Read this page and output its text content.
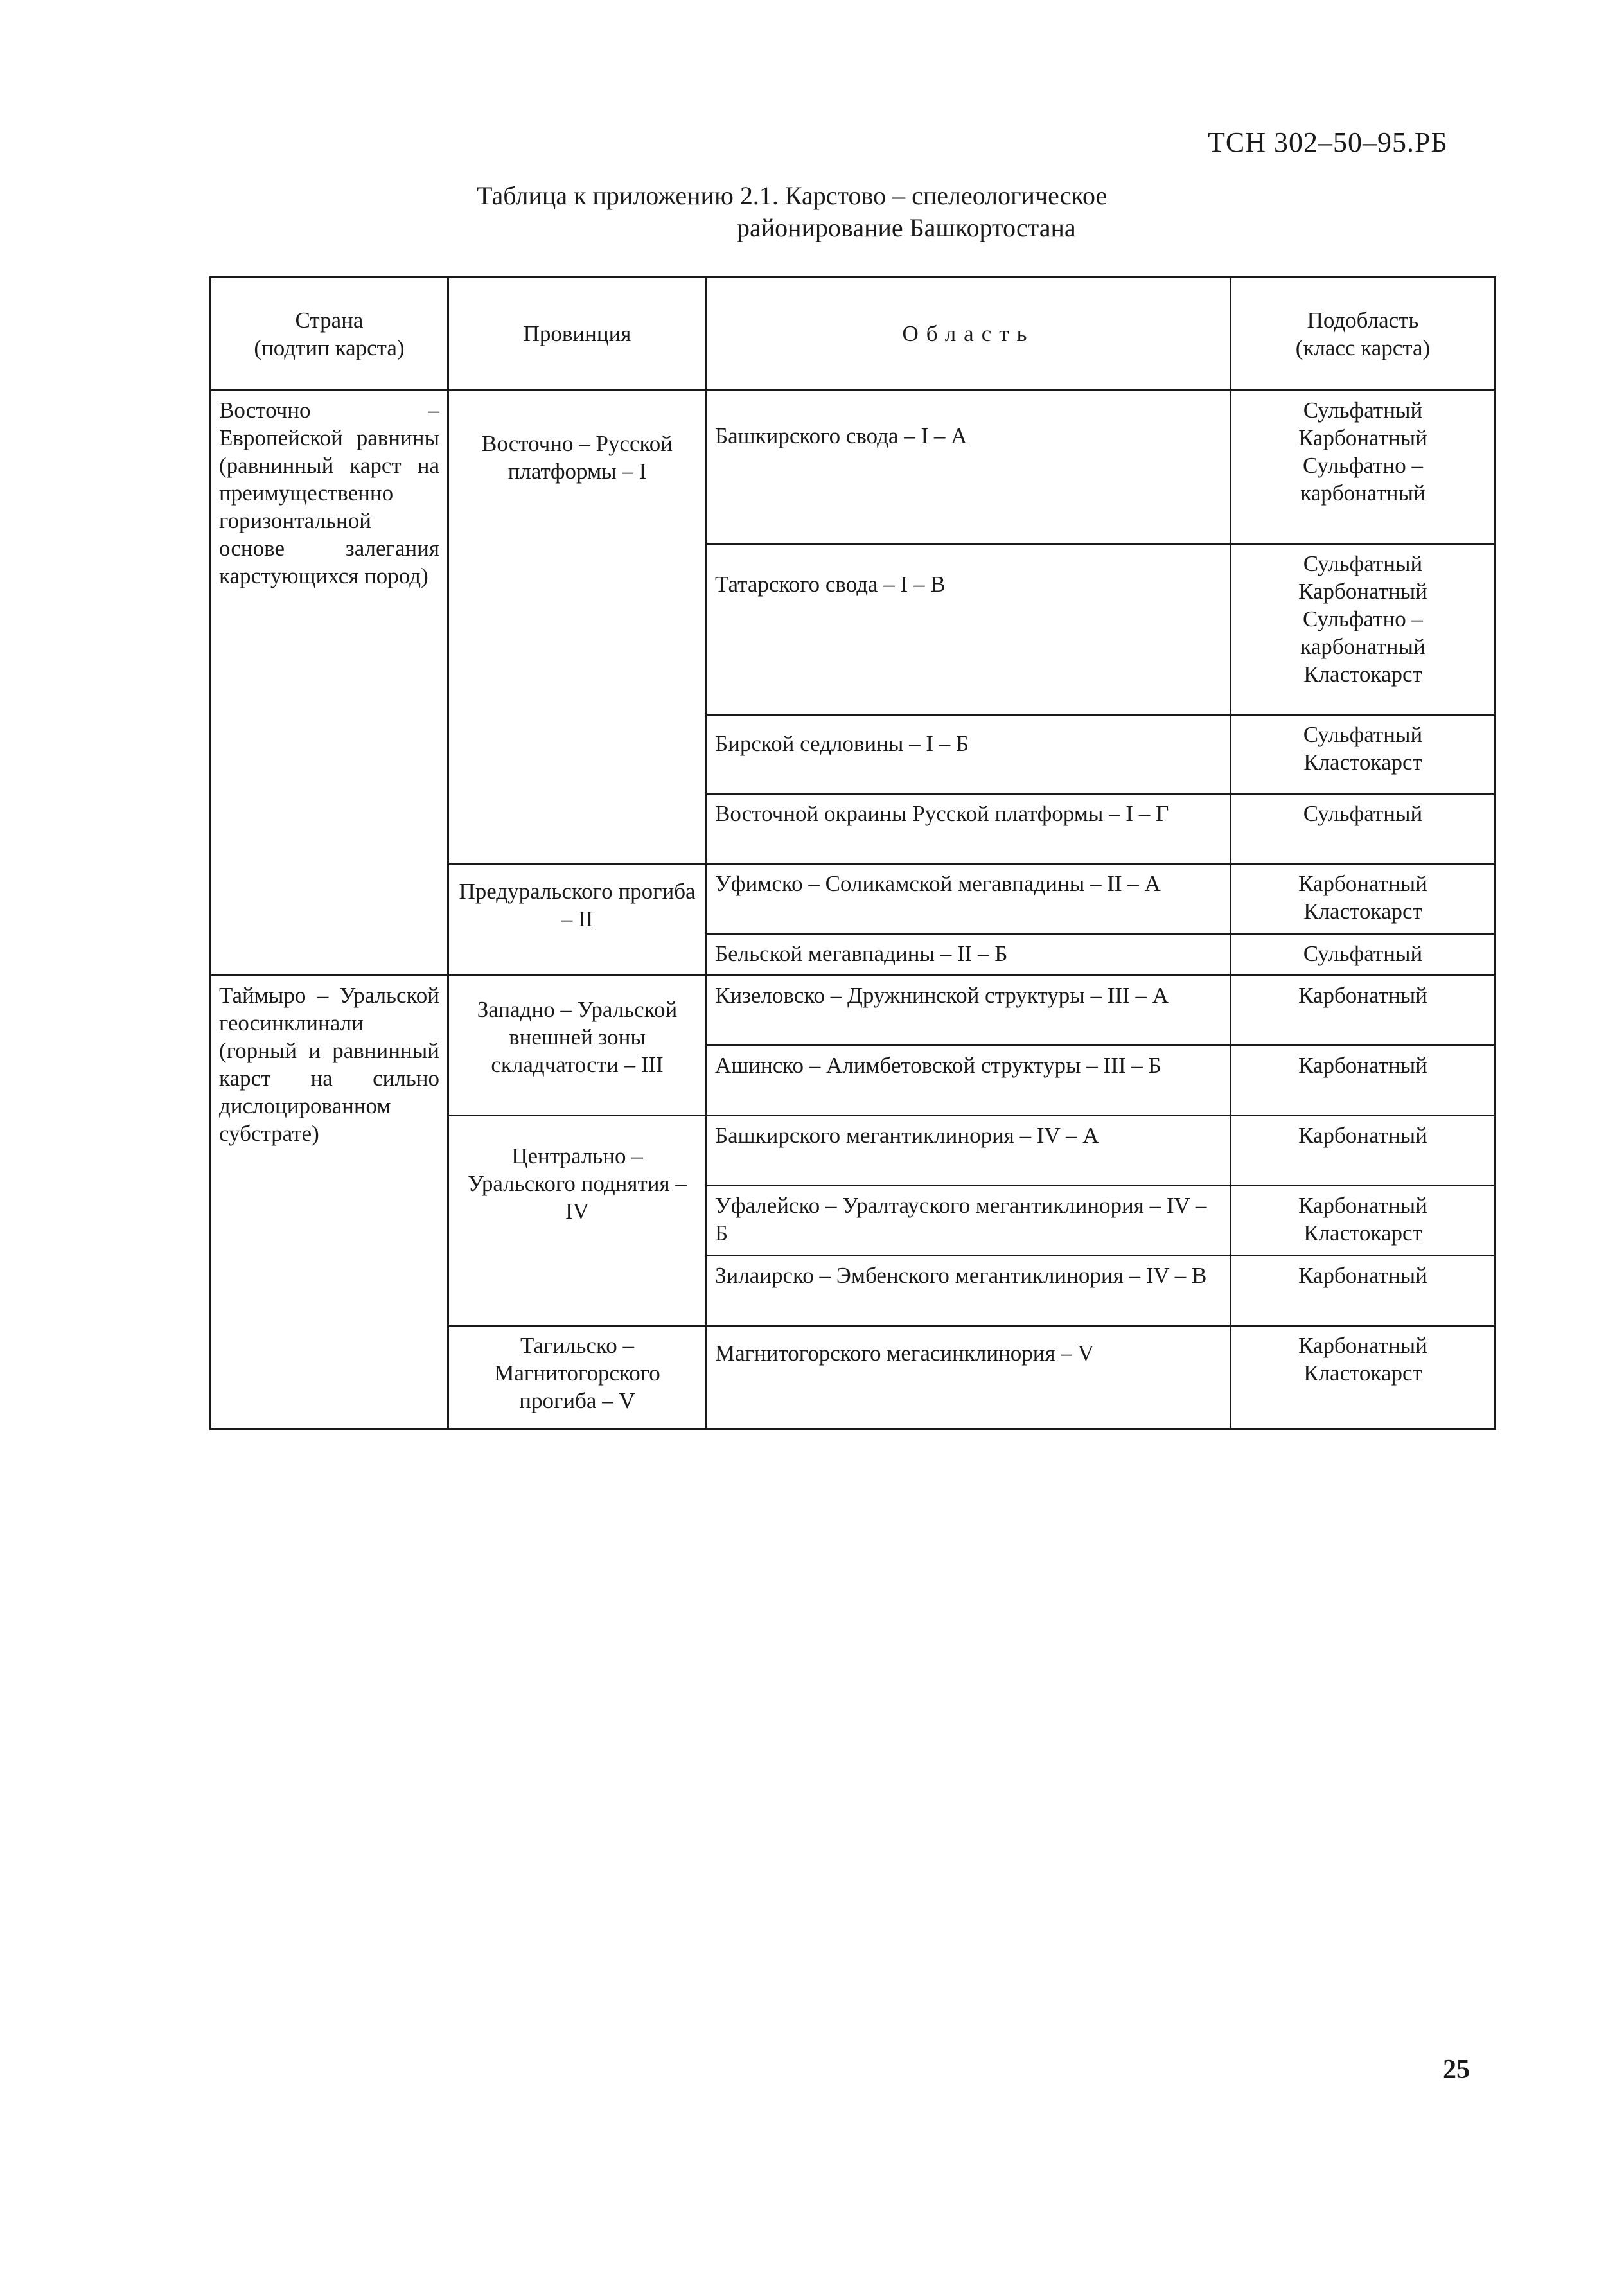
ТСН 302–50–95.РБ
Таблица к приложению 2.1. Карстово – спелеологическое
районирование Башкортостана
Страна
(подтип карста)	Провинция	Область	Подобласть
(класс карста)

Восточно – Европейской равнины (равнинный карст на преимущественно горизонтальной основе залегания карстующихся пород)	Восточно – Русской платформы – I	Башкирского свода – I – А	Сульфатный
Карбонатный
Сульфатно –
карбонатный

		Татарского свода – I – В	Сульфатный
Карбонатный
Сульфатно –
карбонатный
Кластокарст

		Бирской седловины – I – Б	Сульфатный
Кластокарст

		Восточной окраины Русской платформы – I – Г	Сульфатный

	Предуральского прогиба – II	Уфимско – Соликамской мегавпадины – II – А	Карбонатный
Кластокарст

		Бельской мегавпадины – II – Б	Сульфатный

Таймыро – Уральской геосинклинали (горный и равнинный карст на сильно дислоцированном субстрате)	Западно – Уральской внешней зоны складчатости – III	Кизеловско – Дружнинской структуры – III – А	Карбонатный

		Ашинско – Алимбетовской структуры – III – Б	Карбонатный

	Центрально – Уральского поднятия – IV	Башкирского мегантиклинория – IV – А	Карбонатный

		Уфалейско – Уралтауского мегантиклинория – IV – Б	Карбонатный
Кластокарст

		Зилаирско – Эмбенского мегантиклинория – IV – В	Карбонатный

	Тагильско – Магнитогорского прогиба – V	Магнитогорского мегасинклинория – V	Карбонатный
Кластокарст
25
